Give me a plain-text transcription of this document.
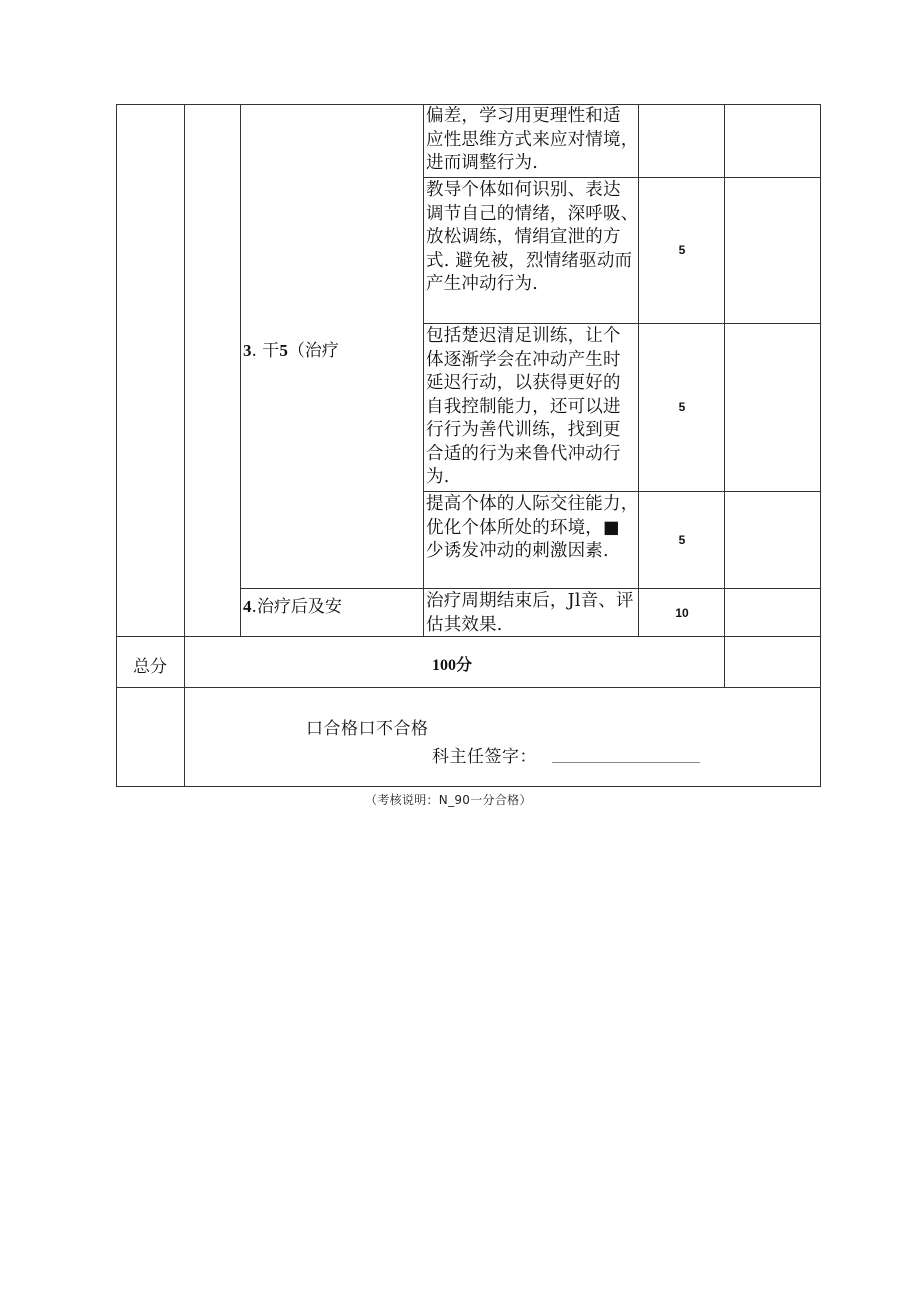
偏差，学习用更理性和适
应性思维方式来应对情境，
进而调整行为.
教导个体如何识别、表达
调节自己的情绪，深呼吸、
放松调练，情绢宣泄的方
式. 避免被，烈情绪驱动而
产生冲动行为.
包括楚迟清足训练，让个
体逐渐学会在冲动产生时
延迟行动，以获得更好的
自我控制能力，还可以进
行行为善代训练，找到更
合适的行为来鲁代冲动行
为.
提高个体的人际交往能力，
优化个体所处的环境，■
少诱发冲动的刺激因素.
治疗周期结束后，Jl音、评
估其效果.
5
5
5
10
3. 干5（治疗
4.治疗后及安
总分	100分
口合格口不合格
科主任签字：
（考核说明：N_90一分合格）
